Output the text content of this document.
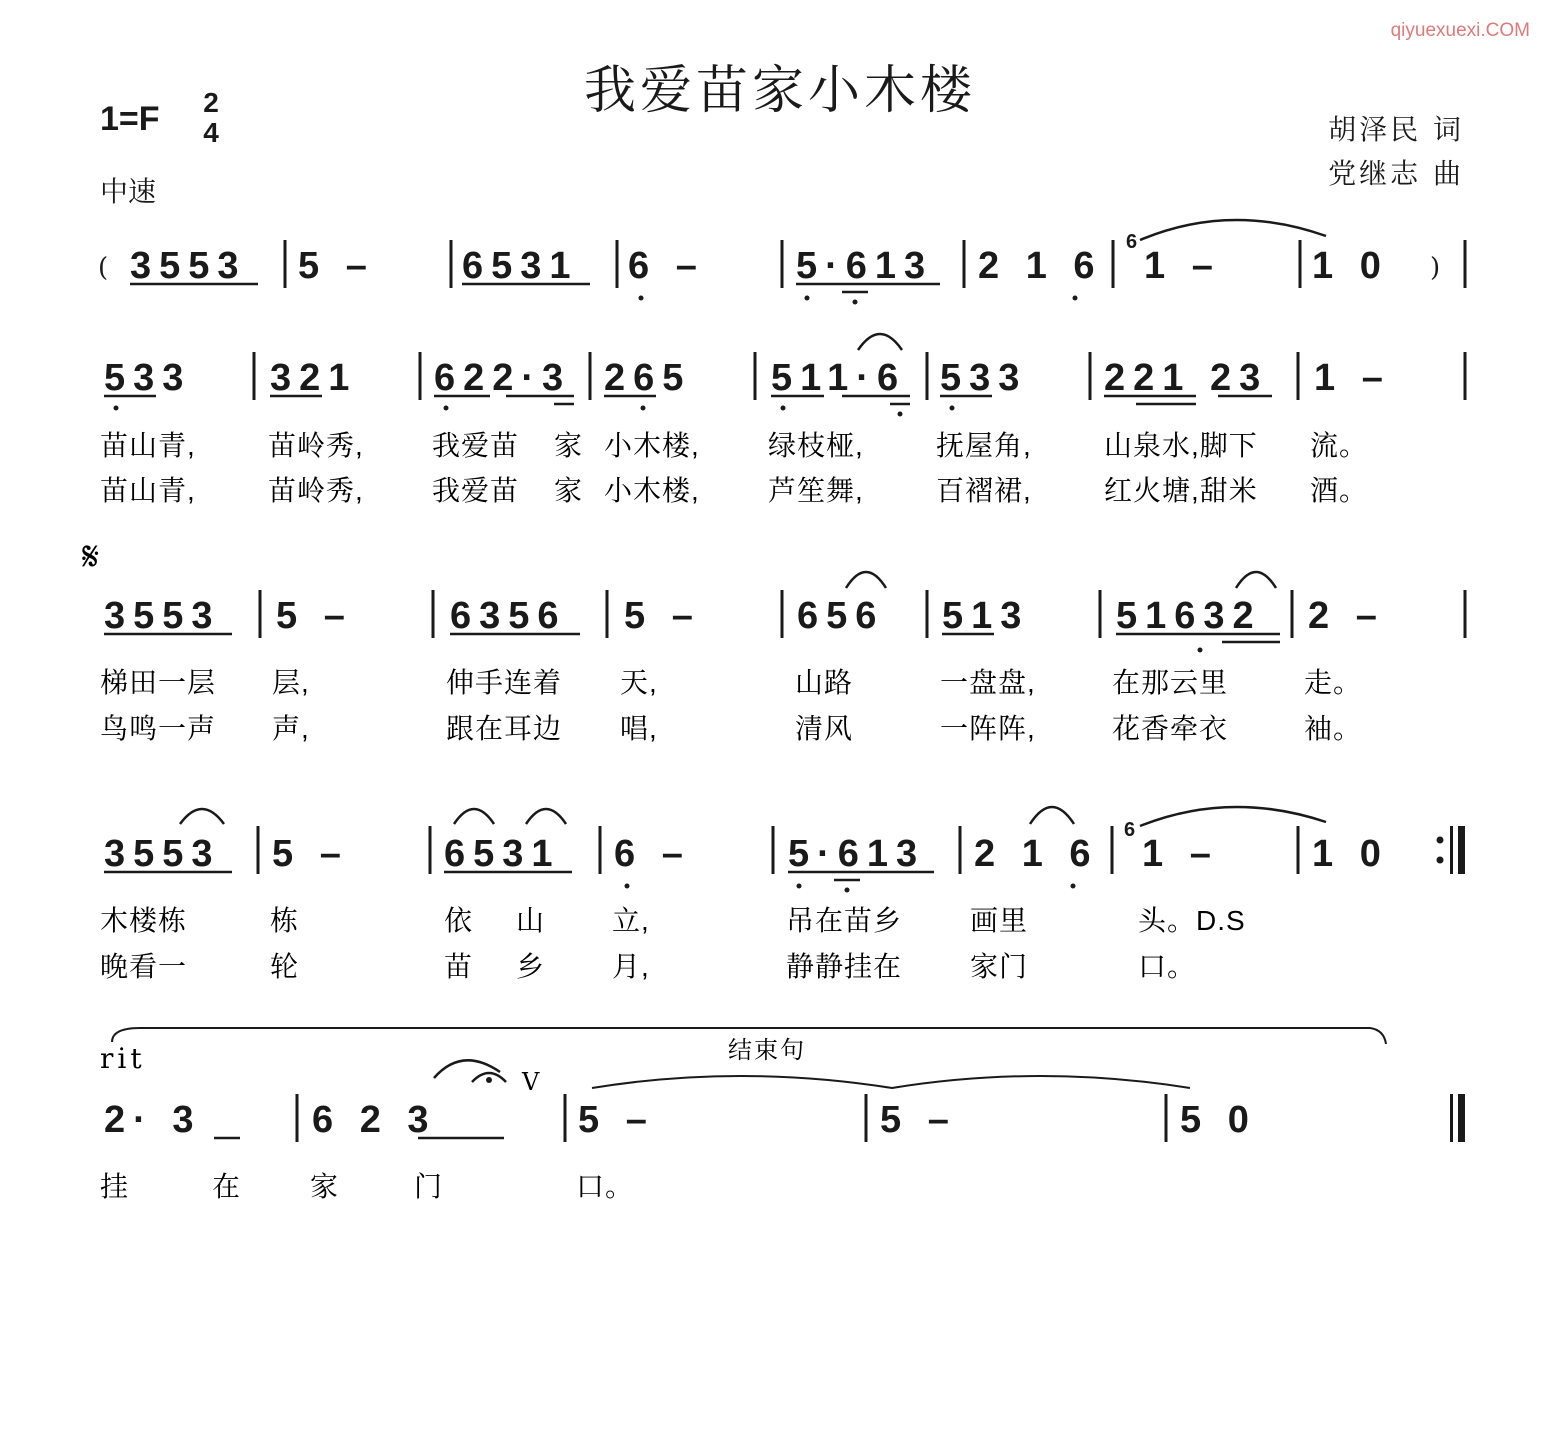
qiyuexuexi.COM
我爱苗家小木楼
1=F 2
4
中速
胡泽民 词
党继志 曲
( 3553 5 – 6531 6 – 5·613 2 1 6
6
1 – 1 0 )
533 321 622·3 265 511·6 533 221 23 1 –
苗山青,	苗岭秀, 我爱苗 家 小木楼, 绿枝桠,	抚屋角,	山泉水,脚下 流。
苗山青,	苗岭秀, 我爱苗 家 小木楼, 芦笙舞,	百褶裙,	红火塘,甜米 酒。
𝄋
3553 5 –	6356 5 –	656 513 51632 2 –
梯田一层 层,	伸手连着 天,	山路	一盘盘,	在那云里	走。
鸟鸣一声 声,	跟在耳边 唱,	清风	一阵阵,	花香牵衣	袖。
3553 5 –	6531 6 –	5·613 2 1 6
6
1 – 1 0
木楼栋	栋	依 山 立,	吊在苗乡 画里	头。D.S
晚看一	轮	苗 乡 月,	静静挂在 家门	口。
rit	结束句
2· 3	6 2 3	5 –	5 –	5 0
V
挂	在 家	门	口。
